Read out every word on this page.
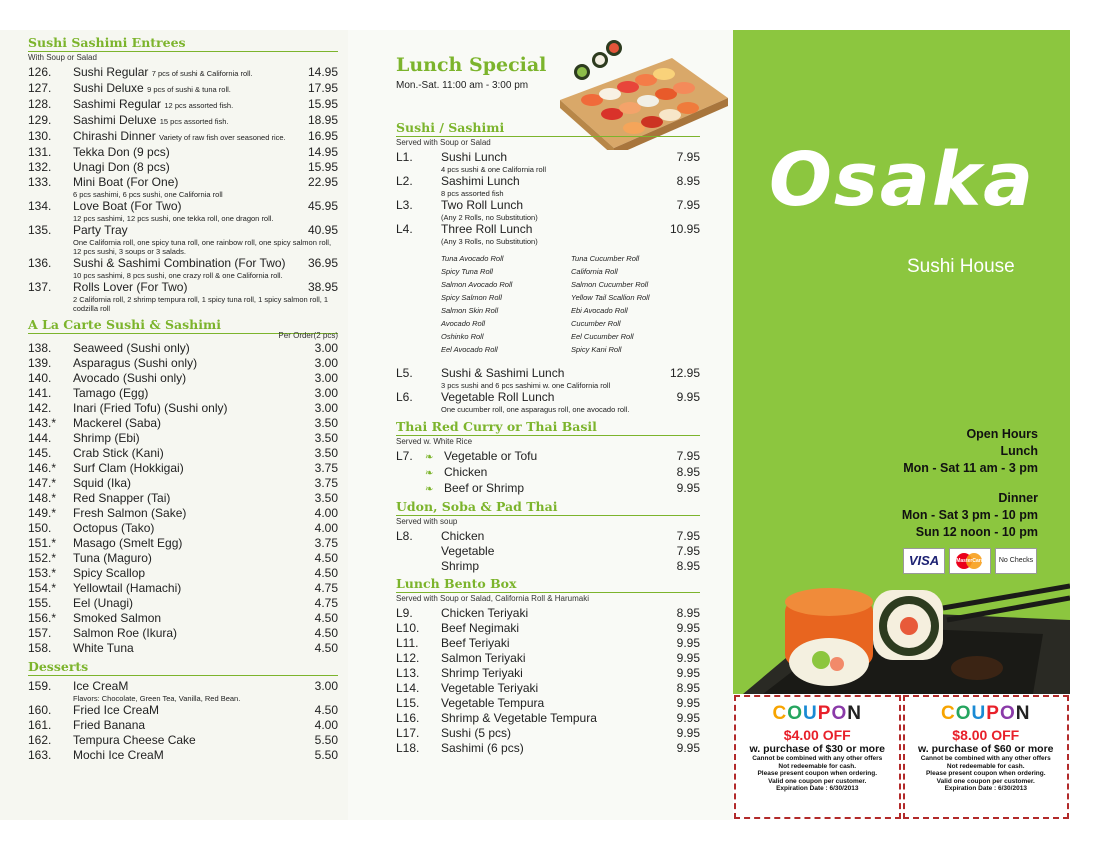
Sushi Sashimi Entrees
With Soup or Salad
126.	Sushi Regular 7 pcs of sushi & California roll.	14.95
127.	Sushi Deluxe 9 pcs of sushi & tuna roll.	17.95
128.	Sashimi Regular 12 pcs assorted fish.	15.95
129.	Sashimi Deluxe 15 pcs assorted fish.	18.95
130.	Chirashi Dinner Variety of raw fish over seasoned rice.	16.95
131.	Tekka Don (9 pcs)	14.95
132.	Unagi Don (8 pcs)	15.95
133.	Mini Boat (For One)	22.95
6 pcs sashimi, 6 pcs sushi, one California roll
134.	Love Boat (For Two)	45.95
12 pcs sashimi, 12 pcs sushi, one tekka roll, one dragon roll.
135.	Party Tray	40.95
One California roll, one spicy tuna roll, one rainbow roll, one spicy salmon roll, 12 pcs sushi, 3 soups or 3 salads.
136.	Sushi & Sashimi Combination (For Two)	36.95
10 pcs sashimi, 8 pcs sushi, one crazy roll & one California roll.
137.	Rolls Lover (For Two)	38.95
2 California roll, 2 shrimp tempura roll, 1 spicy tuna roll, 1 spicy salmon roll, 1 codzilla roll
A La Carte Sushi & Sashimi
Per Order(2 pcs)
138.	Seaweed (Sushi only)	3.00
139.	Asparagus (Sushi only)	3.00
140.	Avocado (Sushi only)	3.00
141.	Tamago (Egg)	3.00
142.	Inari (Fried Tofu) (Sushi only)	3.00
143.*	Mackerel (Saba)	3.50
144.	Shrimp (Ebi)	3.50
145.	Crab Stick (Kani)	3.50
146.*	Surf Clam (Hokkigai)	3.75
147.*	Squid (Ika)	3.75
148.*	Red Snapper (Tai)	3.50
149.*	Fresh Salmon (Sake)	4.00
150.	Octopus (Tako)	4.00
151.*	Masago (Smelt Egg)	3.75
152.*	Tuna (Maguro)	4.50
153.*	Spicy Scallop	4.50
154.*	Yellowtail (Hamachi)	4.75
155.	Eel (Unagi)	4.75
156.*	Smoked Salmon	4.50
157.	Salmon Roe (Ikura)	4.50
158.	White Tuna	4.50
Desserts
159.	Ice CreaM	3.00
Flavors: Chocolate, Green Tea, Vanilla, Red Bean.
160.	Fried Ice CreaM	4.50
161.	Fried Banana	4.00
162.	Tempura Cheese Cake	5.50
163.	Mochi Ice CreaM	5.50
Lunch Special
Mon.-Sat. 11:00 am - 3:00 pm
Sushi / Sashimi
Served with Soup or Salad
L1.	Sushi Lunch	7.95
4 pcs sushi & one California roll
L2.	Sashimi Lunch	8.95
8 pcs assorted fish
L3.	Two Roll Lunch	7.95
(Any 2 Rolls, no Substitution)
L4.	Three Roll Lunch	10.95
(Any 3 Rolls, no Substitution)
Tuna Avocado Roll	Tuna Cucumber Roll
Spicy Tuna Roll	California Roll
Salmon Avocado Roll	Salmon Cucumber Roll
Spicy Salmon Roll	Yellow Tail Scallion Roll
Salmon Skin Roll	Ebi Avocado Roll
Avocado Roll	Cucumber Roll
Oshinko Roll	Eel Cucumber Roll
Eel Avocado Roll	Spicy Kani Roll
L5.	Sushi & Sashimi Lunch	12.95
3 pcs sushi and 6 pcs sashimi w. one California roll
L6.	Vegetable Roll Lunch	9.95
One cucumber roll, one asparagus roll, one avocado roll.
Thai Red Curry or Thai Basil
Served w. White Rice
L7.	❧ Vegetable or Tofu	7.95
❧ Chicken	8.95
❧ Beef or Shrimp	9.95
Udon, Soba & Pad Thai
Served with soup
L8.	Chicken	7.95
Vegetable	7.95
Shrimp	8.95
Lunch Bento Box
Served with Soup or Salad, California Roll & Harumaki
L9.	Chicken Teriyaki	8.95
L10.	Beef Negimaki	9.95
L11.	Beef Teriyaki	9.95
L12.	Salmon Teriyaki	9.95
L13.	Shrimp Teriyaki	9.95
L14.	Vegetable Teriyaki	8.95
L15.	Vegetable Tempura	9.95
L16.	Shrimp & Vegetable Tempura	9.95
L17.	Sushi (5 pcs)	9.95
L18.	Sashimi (6 pcs)	9.95
Osaka
Sushi House
Open Hours
Lunch
Mon - Sat 11 am - 3 pm
Dinner
Mon - Sat 3 pm - 10 pm
Sun 12 noon - 10 pm
VISA	MasterCard	No Checks
COUPON
$4.00 OFF
w. purchase of $30 or more
Cannot be combined with any other offers
Not redeemable for cash.
Please present coupon when ordering.
Valid one coupon per customer.
Expiration Date : 6/30/2013
COUPON
$8.00 OFF
w. purchase of $60 or more
Cannot be combined with any other offers
Not redeemable for cash.
Please present coupon when ordering.
Valid one coupon per customer.
Expiration Date : 6/30/2013
